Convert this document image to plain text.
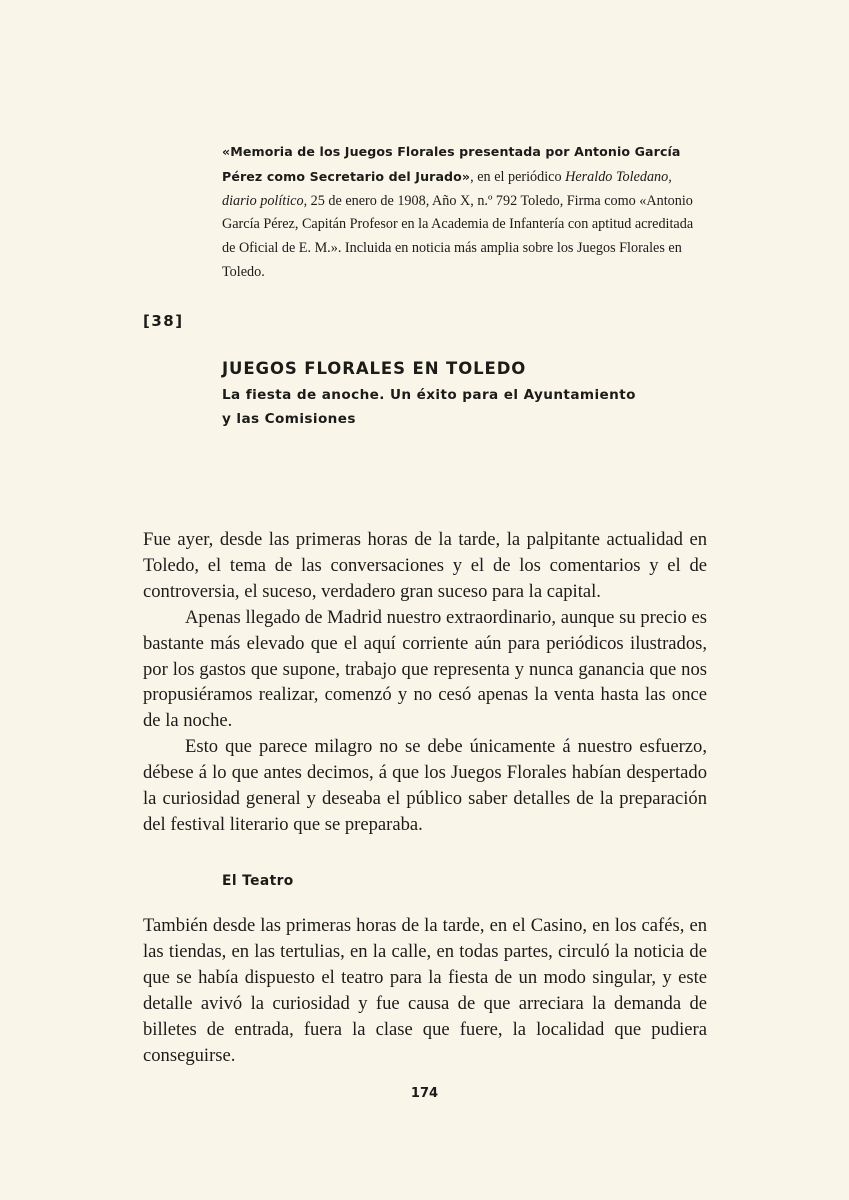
«Memoria de los Juegos Florales presentada por Antonio García Pérez como Secretario del Jurado», en el periódico Heraldo Toledano, diario político, 25 de enero de 1908, Año X, n.º 792 Toledo, Firma como «Antonio García Pérez, Capitán Profesor en la Academia de Infantería con aptitud acreditada de Oficial de E. M.». Incluida en noticia más amplia sobre los Juegos Florales en Toledo.
[38]
JUEGOS FLORALES EN TOLEDO
La fiesta de anoche. Un éxito para el Ayuntamiento
y las Comisiones

Fue ayer, desde las primeras horas de la tarde, la palpitante actualidad en Toledo, el tema de las conversaciones y el de los comentarios y el de controversia, el suceso, verdadero gran suceso para la capital.

Apenas llegado de Madrid nuestro extraordinario, aunque su precio es bastante más elevado que el aquí corriente aún para periódicos ilustrados, por los gastos que supone, trabajo que representa y nunca ganancia que nos propusiéramos realizar, comenzó y no cesó apenas la venta hasta las once de la noche.

Esto que parece milagro no se debe únicamente á nuestro esfuerzo, débese á lo que antes decimos, á que los Juegos Florales habían despertado la curiosidad general y deseaba el público saber detalles de la preparación del festival literario que se preparaba.

El Teatro

También desde las primeras horas de la tarde, en el Casino, en los cafés, en las tiendas, en las tertulias, en la calle, en todas partes, circuló la noticia de que se había dispuesto el teatro para la fiesta de un modo singular, y este detalle avivó la curiosidad y fue causa de que arreciara la demanda de billetes de entrada, fuera la clase que fuere, la localidad que pudiera conseguirse.

174
